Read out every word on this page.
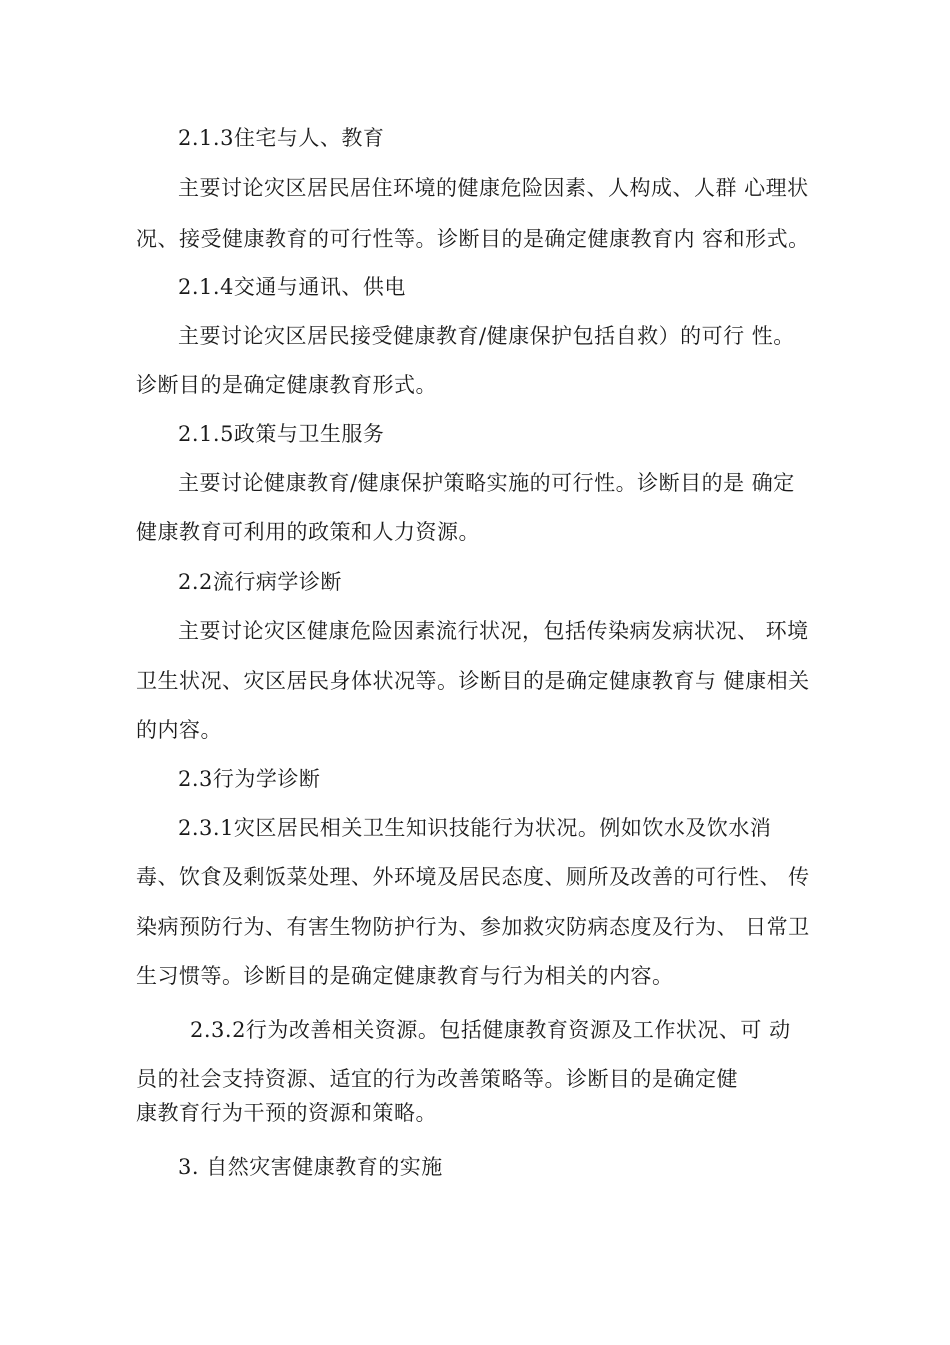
2.1.3住宅与人、教育
主要讨论灾区居民居住环境的健康危险因素、人构成、人群 心理状
况、接受健康教育的可行性等。诊断目的是确定健康教育内 容和形式。
2.1.4交通与通讯、供电
主要讨论灾区居民接受健康教育/健康保护包括自救）的可行 性。
诊断目的是确定健康教育形式。
2.1.5政策与卫生服务
主要讨论健康教育/健康保护策略实施的可行性。诊断目的是 确定
健康教育可利用的政策和人力资源。
2.2流行病学诊断
主要讨论灾区健康危险因素流行状况，包括传染病发病状况、 环境
卫生状况、灾区居民身体状况等。诊断目的是确定健康教育与 健康相关
的内容。
2.3行为学诊断
2.3.1灾区居民相关卫生知识技能行为状况。例如饮水及饮水消
毒、饮食及剩饭菜处理、外环境及居民态度、厕所及改善的可行性、 传
染病预防行为、有害生物防护行为、参加救灾防病态度及行为、 日常卫
生习惯等。诊断目的是确定健康教育与行为相关的内容。
2.3.2行为改善相关资源。包括健康教育资源及工作状况、可 动
员的社会支持资源、适宜的行为改善策略等。诊断目的是确定健
康教育行为干预的资源和策略。
3. 自然灾害健康教育的实施
